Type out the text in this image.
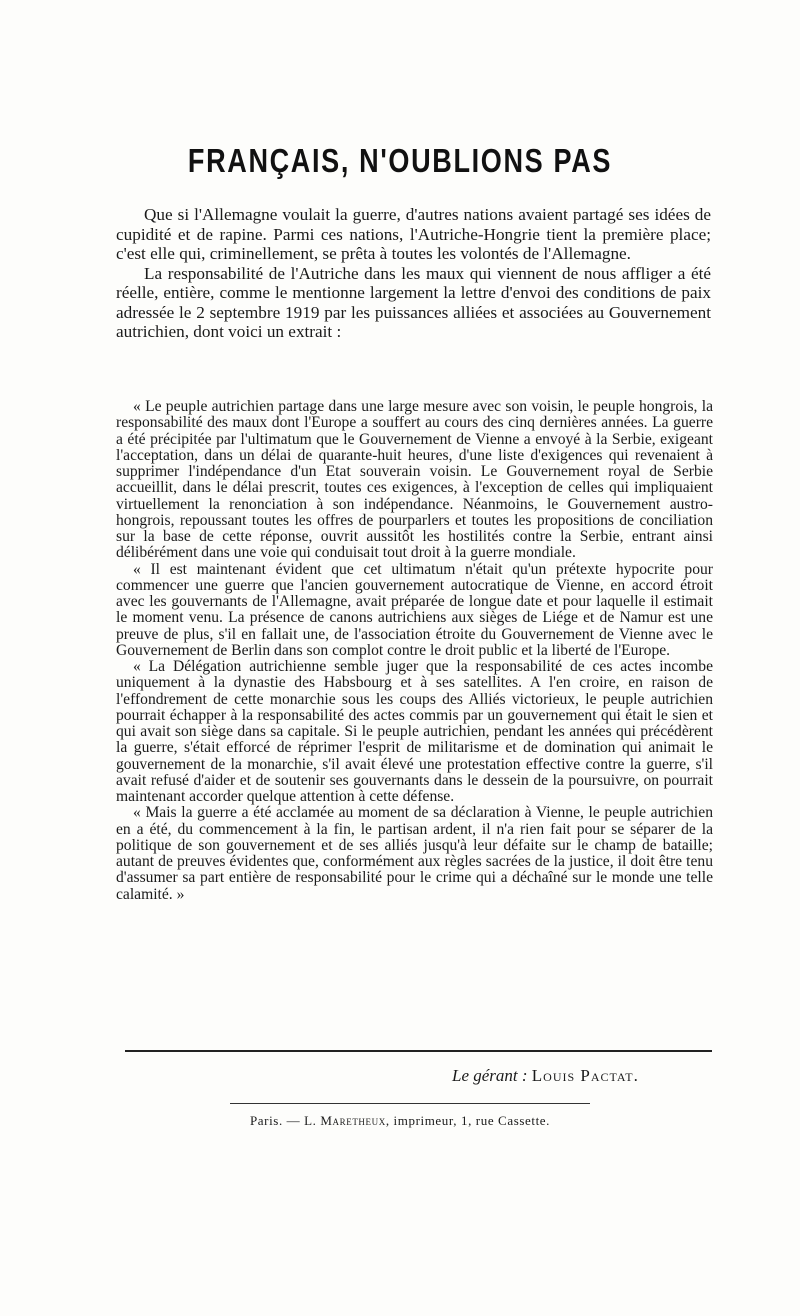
FRANÇAIS, N'OUBLIONS PAS

Que si l'Allemagne voulait la guerre, d'autres nations avaient partagé ses idées de cupidité et de rapine. Parmi ces nations, l'Autriche-Hongrie tient la première place; c'est elle qui, criminellement, se prêta à toutes les volontés de l'Allemagne.

La responsabilité de l'Autriche dans les maux qui viennent de nous affliger a été réelle, entière, comme le mentionne largement la lettre d'envoi des conditions de paix adressée le 2 septembre 1919 par les puissances alliées et associées au Gouvernement autrichien, dont voici un extrait :

« Le peuple autrichien partage dans une large mesure avec son voisin, le peuple hongrois, la responsabilité des maux dont l'Europe a souffert au cours des cinq dernières années. La guerre a été précipitée par l'ultimatum que le Gouvernement de Vienne a envoyé à la Serbie, exigeant l'acceptation, dans un délai de quarante-huit heures, d'une liste d'exigences qui revenaient à supprimer l'indépendance d'un Etat souverain voisin. Le Gouvernement royal de Serbie accueillit, dans le délai prescrit, toutes ces exigences, à l'exception de celles qui impliquaient virtuellement la renonciation à son indépendance. Néanmoins, le Gouvernement austro-hongrois, repoussant toutes les offres de pourparlers et toutes les propositions de conciliation sur la base de cette réponse, ouvrit aussitôt les hostilités contre la Serbie, entrant ainsi délibérément dans une voie qui conduisait tout droit à la guerre mondiale.

« Il est maintenant évident que cet ultimatum n'était qu'un prétexte hypocrite pour commencer une guerre que l'ancien gouvernement autocratique de Vienne, en accord étroit avec les gouvernants de l'Allemagne, avait préparée de longue date et pour laquelle il estimait le moment venu. La présence de canons autrichiens aux sièges de Liége et de Namur est une preuve de plus, s'il en fallait une, de l'association étroite du Gouvernement de Vienne avec le Gouvernement de Berlin dans son complot contre le droit public et la liberté de l'Europe.

« La Délégation autrichienne semble juger que la responsabilité de ces actes incombe uniquement à la dynastie des Habsbourg et à ses satellites. A l'en croire, en raison de l'effondrement de cette monarchie sous les coups des Alliés victorieux, le peuple autrichien pourrait échapper à la responsabilité des actes commis par un gouvernement qui était le sien et qui avait son siège dans sa capitale. Si le peuple autrichien, pendant les années qui précédèrent la guerre, s'était efforcé de réprimer l'esprit de militarisme et de domination qui animait le gouvernement de la monarchie, s'il avait élevé une protestation effective contre la guerre, s'il avait refusé d'aider et de soutenir ses gouvernants dans le dessein de la poursuivre, on pourrait maintenant accorder quelque attention à cette défense.

« Mais la guerre a été acclamée au moment de sa déclaration à Vienne, le peuple autrichien en a été, du commencement à la fin, le partisan ardent, il n'a rien fait pour se séparer de la politique de son gouvernement et de ses alliés jusqu'à leur défaite sur le champ de bataille; autant de preuves évidentes que, conformément aux règles sacrées de la justice, il doit être tenu d'assumer sa part entière de responsabilité pour le crime qui a déchaîné sur le monde une telle calamité. »

Le gérant : Louis Pactat.
Paris. — L. Maretheux, imprimeur, 1, rue Cassette.
